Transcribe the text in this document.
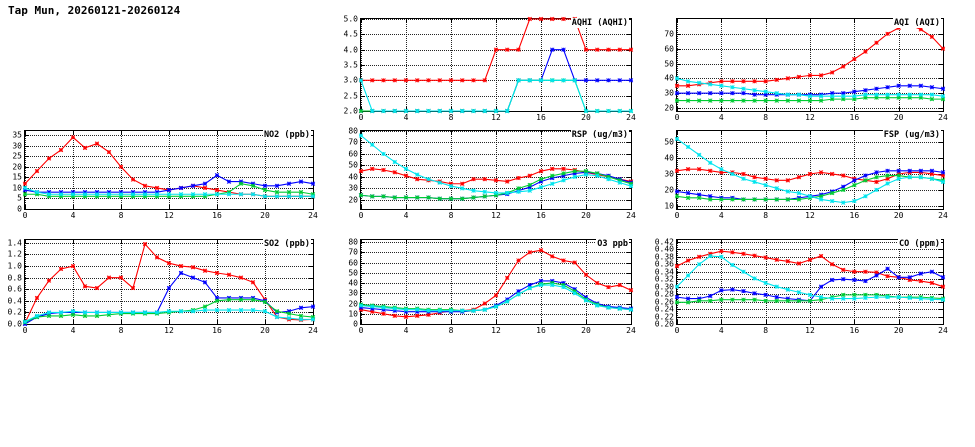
Tap Mun, 20260121-20260124
2.0
2.5
3.0
3.5
4.0
4.5
5.0
0	4	8	12	16	20	24
AQHI (AQHI)
20
30
40
50
60
70
0	4	8	12	16	20	24
AQI (AQI)
0
5
10
15
20
25
30
35
0	4	8	12	16	20	24
NO2 (ppb)
20
30
40
50
60
70
80
0	4	8	12	16	20	24
RSP (ug/m3)
10
20
30
40
50
0	4	8	12	16	20	24
FSP (ug/m3)
0.0
0.2
0.4
0.6
0.8
1.0
1.2
1.4
0	4	8	12	16	20	24
SO2 (ppb)
0
10
20
30
40
50
60
70
80
0	4	8	12	16	20	24
O3 ppb
0.20
0.22
0.24
0.26
0.28
0.30
0.32
0.34
0.36
0.38
0.40
0.42
0	4	8	12	16	20	24
CO (ppm)
